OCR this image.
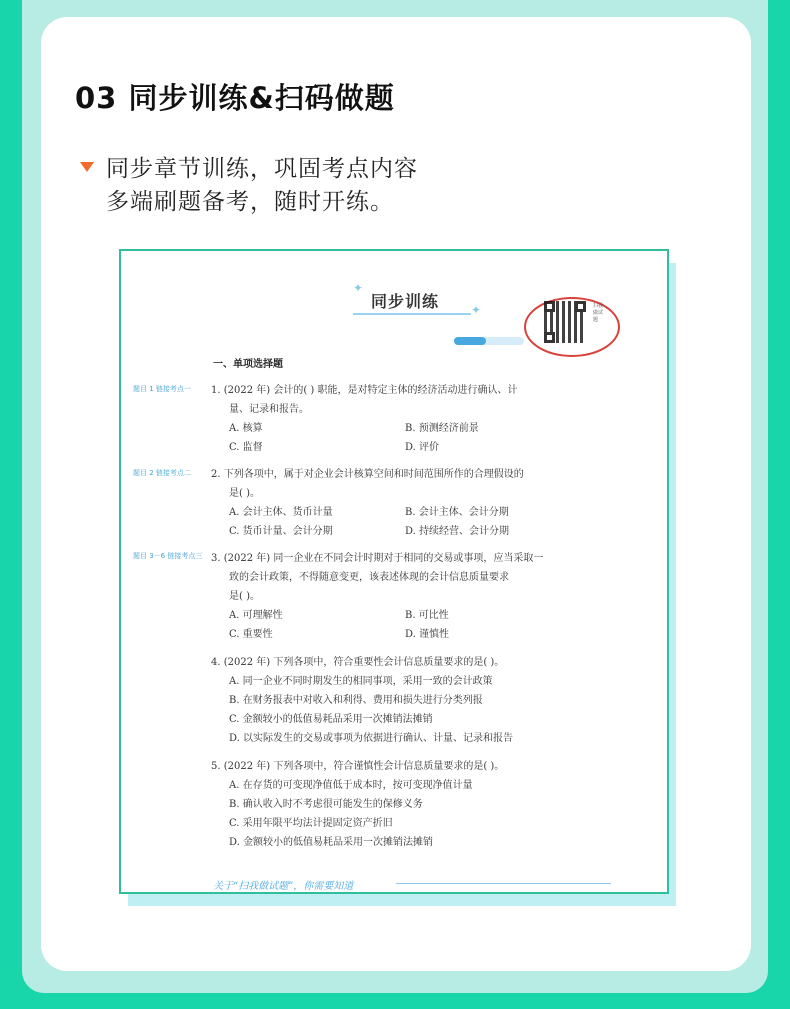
03 同步训练&扫码做题
同步章节训练，巩固考点内容
多端刷题备考，随时开练。
✦
同步训练	✦	扫我做试题
一、单项选择题
题目 1 链接考点一
题目 2 链接考点二
题目 3－6 链接考点三
1. (2022 年) 会计的( ) 职能，是对特定主体的经济活动进行确认、计
量、记录和报告。
A. 核算	B. 预测经济前景
C. 监督	D. 评价
2. 下列各项中，属于对企业会计核算空间和时间范围所作的合理假设的
是( )。
A. 会计主体、货币计量	B. 会计主体、会计分期
C. 货币计量、会计分期	D. 持续经营、会计分期
3. (2022 年) 同一企业在不同会计时期对于相同的交易或事项，应当采取一
致的会计政策，不得随意变更，该表述体现的会计信息质量要求
是( )。
A. 可理解性	B. 可比性
C. 重要性	D. 谨慎性
4. (2022 年) 下列各项中，符合重要性会计信息质量要求的是( )。
A. 同一企业不同时期发生的相同事项，采用一致的会计政策
B. 在财务报表中对收入和利得、费用和损失进行分类列报
C. 金额较小的低值易耗品采用一次摊销法摊销
D. 以实际发生的交易或事项为依据进行确认、计量、记录和报告
5. (2022 年) 下列各项中，符合谨慎性会计信息质量要求的是( )。
A. 在存货的可变现净值低于成本时，按可变现净值计量
B. 确认收入时不考虑很可能发生的保修义务
C. 采用年限平均法计提固定资产折旧
D. 金额较小的低值易耗品采用一次摊销法摊销
关于“扫我做试题”，你需要知道
